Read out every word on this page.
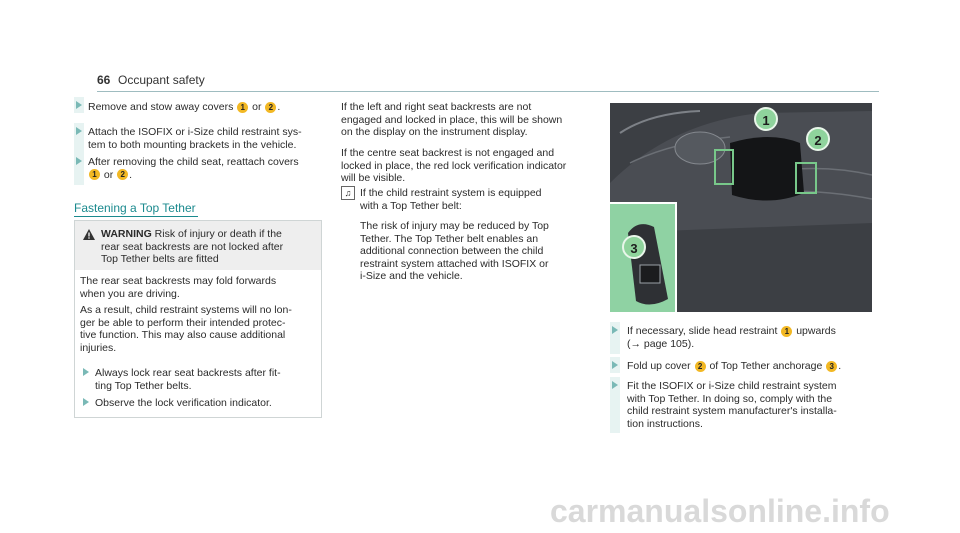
66 Occupant safety
Remove and stow away covers 1 or 2 .
Attach the ISOFIX or i-Size child restraint sys-
tem to both mounting brackets in the vehicle.
After removing the child seat, reattach covers
1 or 2 .
Fastening a Top Tether
WARNING Risk of injury or death if the
rear seat backrests are not locked after
Top Tether belts are fitted
The rear seat backrests may fold forwards
when you are driving.
As a result, child restraint systems will no lon-
ger be able to perform their intended protec-
tive function. This may also cause additional
injuries.
Always lock rear seat backrests after fit-
ting Top Tether belts.
Observe the lock verification indicator.
If the left and right seat backrests are not
engaged and locked in place, this will be shown
on the display on the instrument display.
If the centre seat backrest is not engaged and
locked in place, the red lock verification indicator
will be visible.
♫ If the child restraint system is equipped
with a Top Tether belt:
The risk of injury may be reduced by Top
Tether. The Top Tether belt enables an
additional connection between the child
restraint system attached with ISOFIX or
i-Size and the vehicle.
1
2
3
If necessary, slide head restraint 1 upwards
(→ page 105).
Fold up cover 2 of Top Tether anchorage 3 .
Fit the ISOFIX or i-Size child restraint system
with Top Tether. In doing so, comply with the
child restraint system manufacturer's installa-
tion instructions.
carmanualsonline.info
